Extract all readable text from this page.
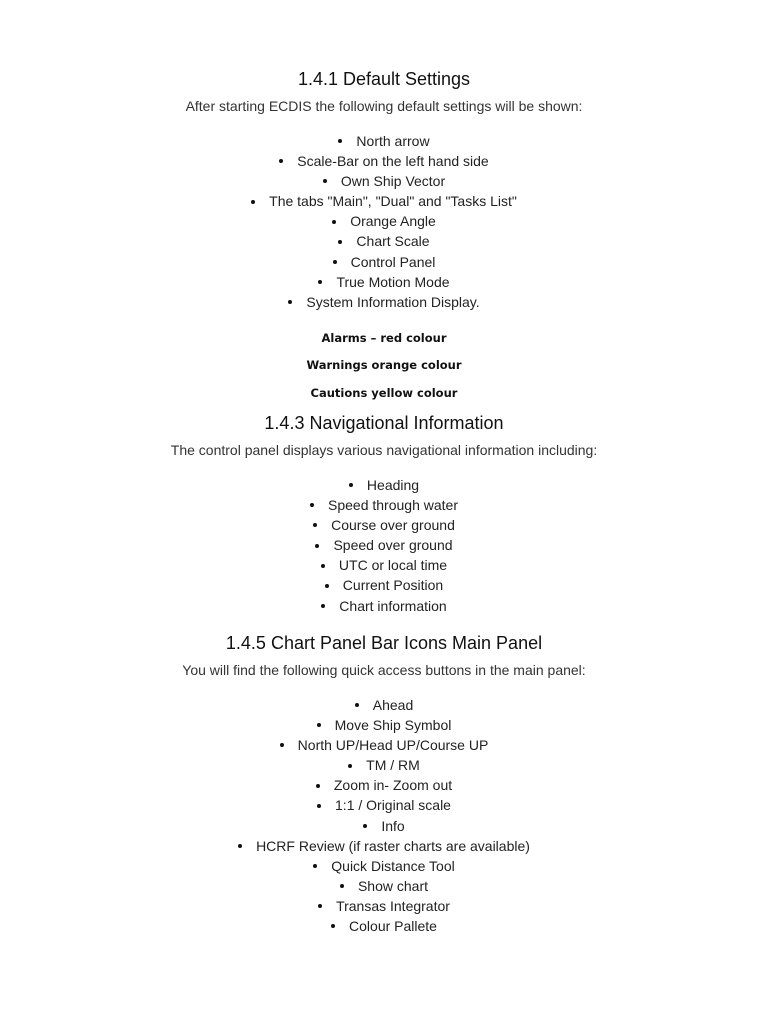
1.4.1 Default Settings

After starting ECDIS the following default settings will be shown:

North arrow
Scale-Bar on the left hand side
Own Ship Vector
The tabs "Main", "Dual" and "Tasks List"
Orange Angle
Chart Scale
Control Panel
True Motion Mode
System Information Display.

Alarms – red colour

Warnings orange colour

Cautions yellow colour

1.4.3 Navigational Information

The control panel displays various navigational information including:

Heading
Speed through water
Course over ground
Speed over ground
UTC or local time
Current Position
Chart information
1.4.5 Chart Panel Bar Icons Main Panel

You will find the following quick access buttons in the main panel:

Ahead
Move Ship Symbol
North UP/Head UP/Course UP
TM / RM
Zoom in- Zoom out
1:1 / Original scale
Info
HCRF Review (if raster charts are available)
Quick Distance Tool
Show chart
Transas Integrator
Colour Pallete
